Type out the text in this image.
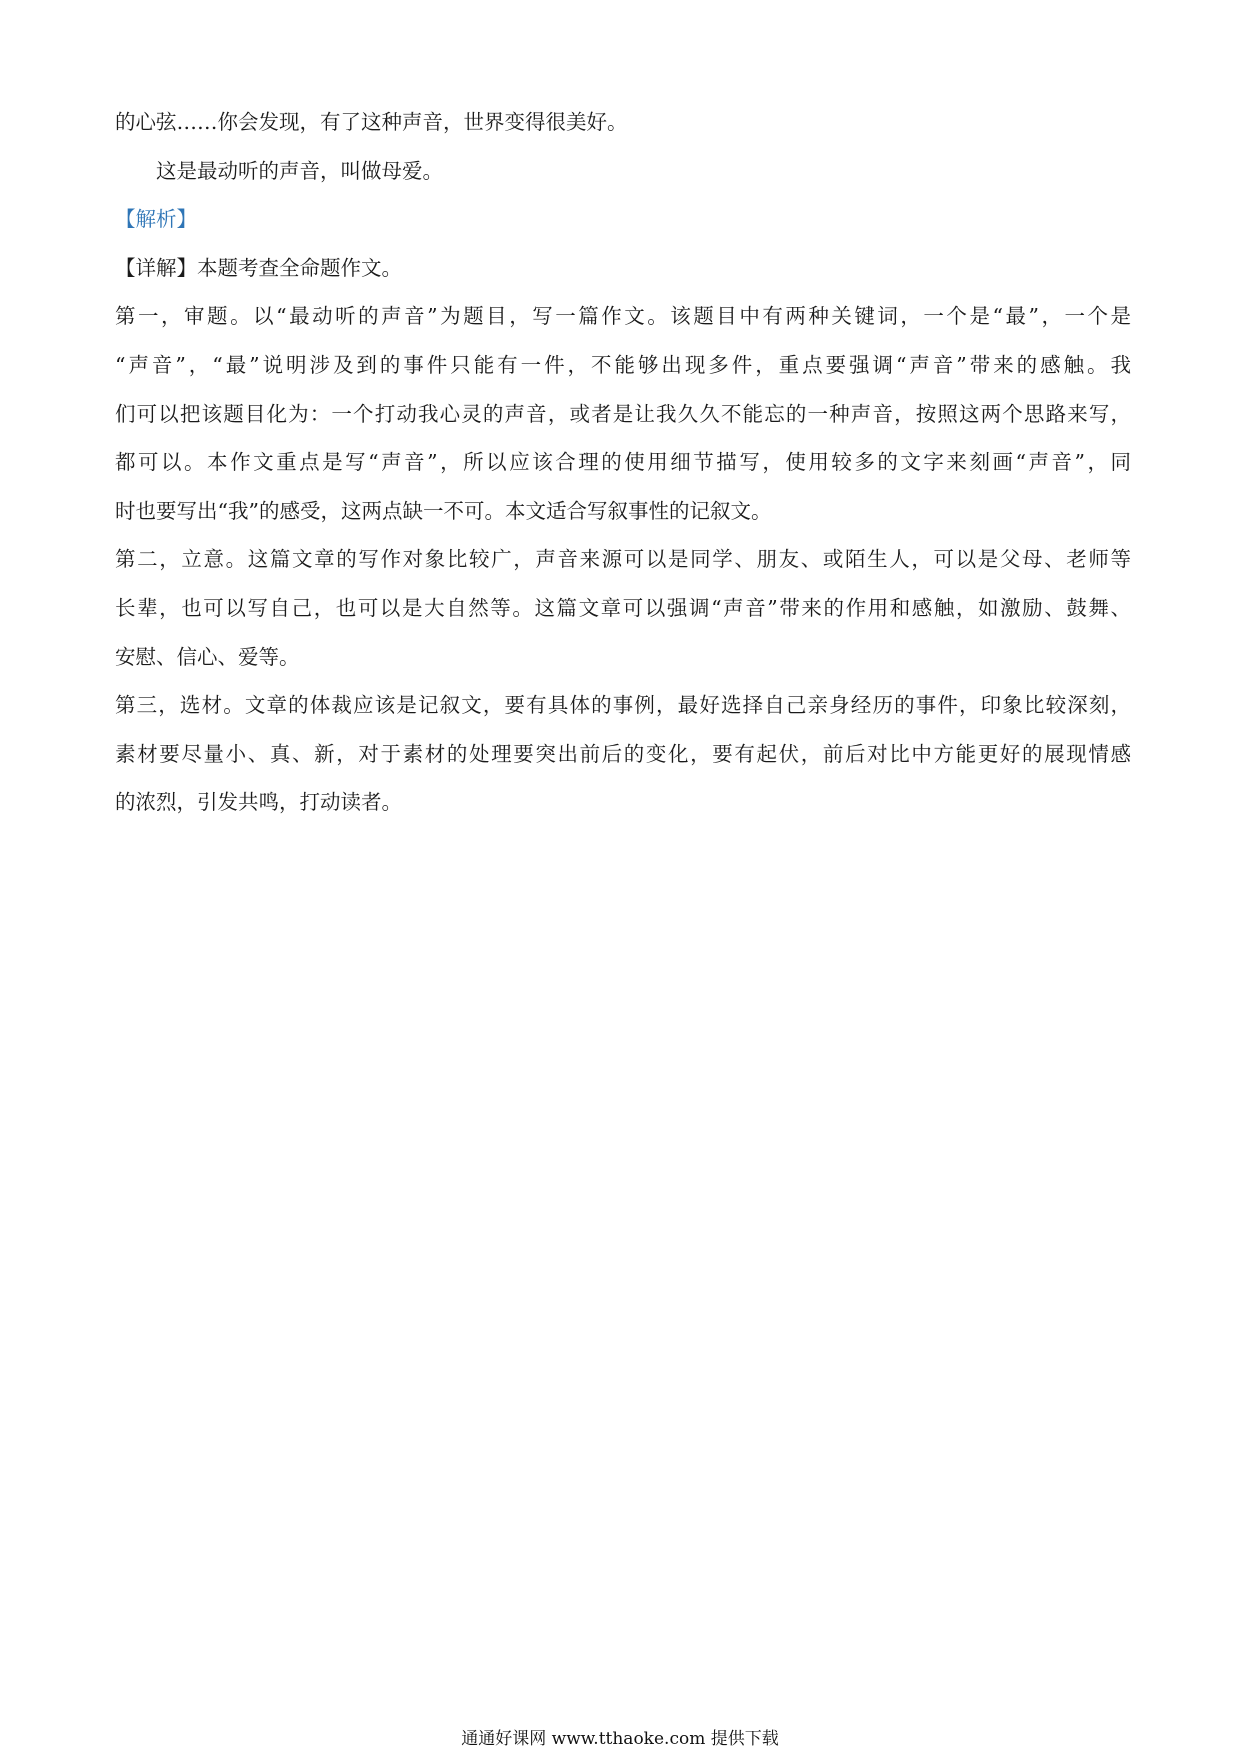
的心弦……你会发现，有了这种声音，世界变得很美好。

这是最动听的声音，叫做母爱。

【解析】

【详解】本题考查全命题作文。

第一，审题。以“最动听的声音”为题目，写一篇作文。该题目中有两种关键词，一个是“最”，一个是

“声音”，“最”说明涉及到的事件只能有一件，不能够出现多件，重点要强调“声音”带来的感触。我

们可以把该题目化为：一个打动我心灵的声音，或者是让我久久不能忘的一种声音，按照这两个思路来写，

都可以。本作文重点是写“声音”，所以应该合理的使用细节描写，使用较多的文字来刻画“声音”，同

时也要写出“我”的感受，这两点缺一不可。本文适合写叙事性的记叙文。

第二，立意。这篇文章的写作对象比较广，声音来源可以是同学、朋友、或陌生人，可以是父母、老师等

长辈，也可以写自己，也可以是大自然等。这篇文章可以强调“声音”带来的作用和感触，如激励、鼓舞、

安慰、信心、爱等。

第三，选材。文章的体裁应该是记叙文，要有具体的事例，最好选择自己亲身经历的事件，印象比较深刻，

素材要尽量小、真、新，对于素材的处理要突出前后的变化，要有起伏，前后对比中方能更好的展现情感

的浓烈，引发共鸣，打动读者。

通通好课网 www.tthaoke.com 提供下载
